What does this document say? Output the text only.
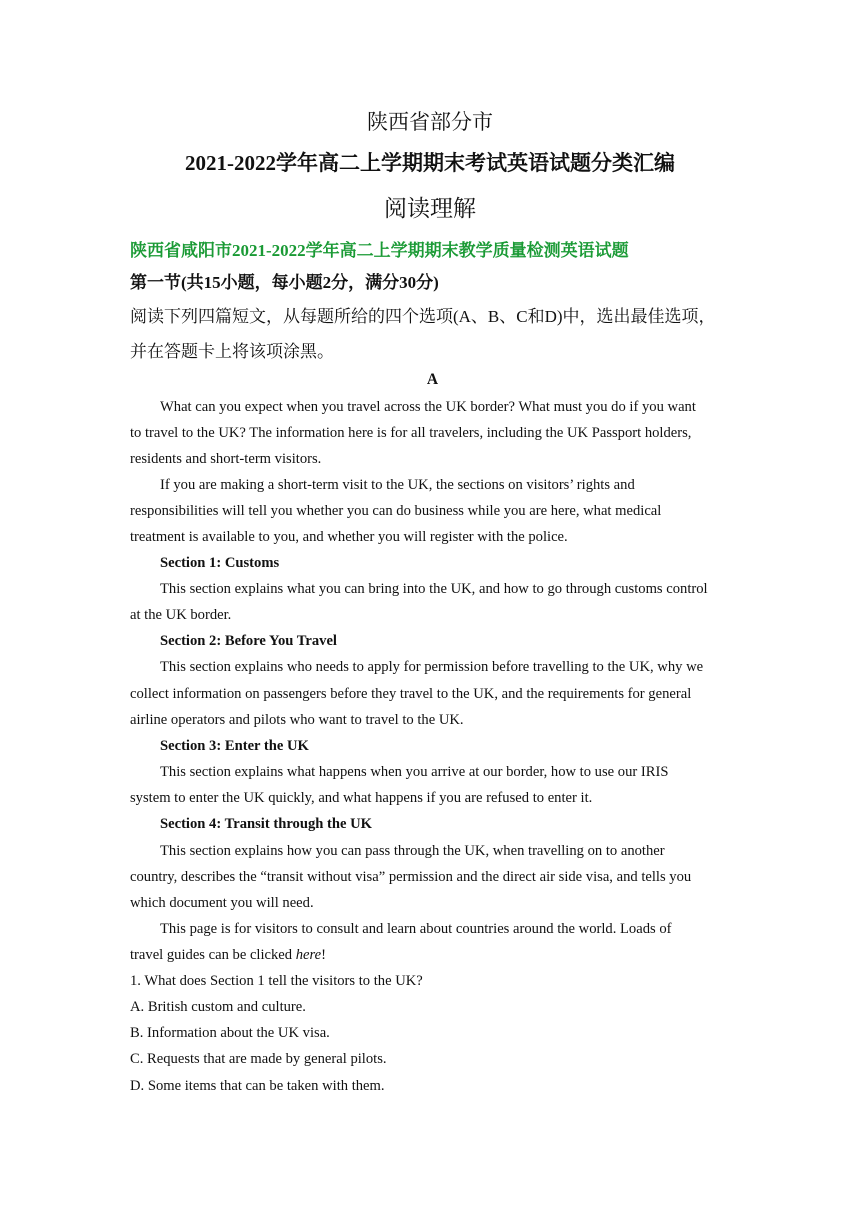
陕西省部分市
2021-2022学年高二上学期期末考试英语试题分类汇编
阅读理解
陕西省咸阳市2021-2022学年高二上学期期末教学质量检测英语试题
第一节(共15小题，每小题2分，满分30分)
阅读下列四篇短文，从每题所给的四个选项(A、B、C和D)中，选出最佳选项，
并在答题卡上将该项涂黑。
A
What can you expect when you travel across the UK border? What must you do if you want
to travel to the UK? The information here is for all travelers, including the UK Passport holders,
residents and short-term visitors.
If you are making a short-term visit to the UK, the sections on visitors’ rights and
responsibilities will tell you whether you can do business while you are here, what medical
treatment is available to you, and whether you will register with the police.
Section 1: Customs
This section explains what you can bring into the UK, and how to go through customs control
at the UK border.
Section 2: Before You Travel
This section explains who needs to apply for permission before travelling to the UK, why we
collect information on passengers before they travel to the UK, and the requirements for general
airline operators and pilots who want to travel to the UK.
Section 3: Enter the UK
This section explains what happens when you arrive at our border, how to use our IRIS
system to enter the UK quickly, and what happens if you are refused to enter it.
Section 4: Transit through the UK
This section explains how you can pass through the UK, when travelling on to another
country, describes the “transit without visa” permission and the direct air side visa, and tells you
which document you will need.
This page is for visitors to consult and learn about countries around the world. Loads of
travel guides can be clicked here!
1. What does Section 1 tell the visitors to the UK?
A. British custom and culture.
B. Information about the UK visa.
C. Requests that are made by general pilots.
D. Some items that can be taken with them.
